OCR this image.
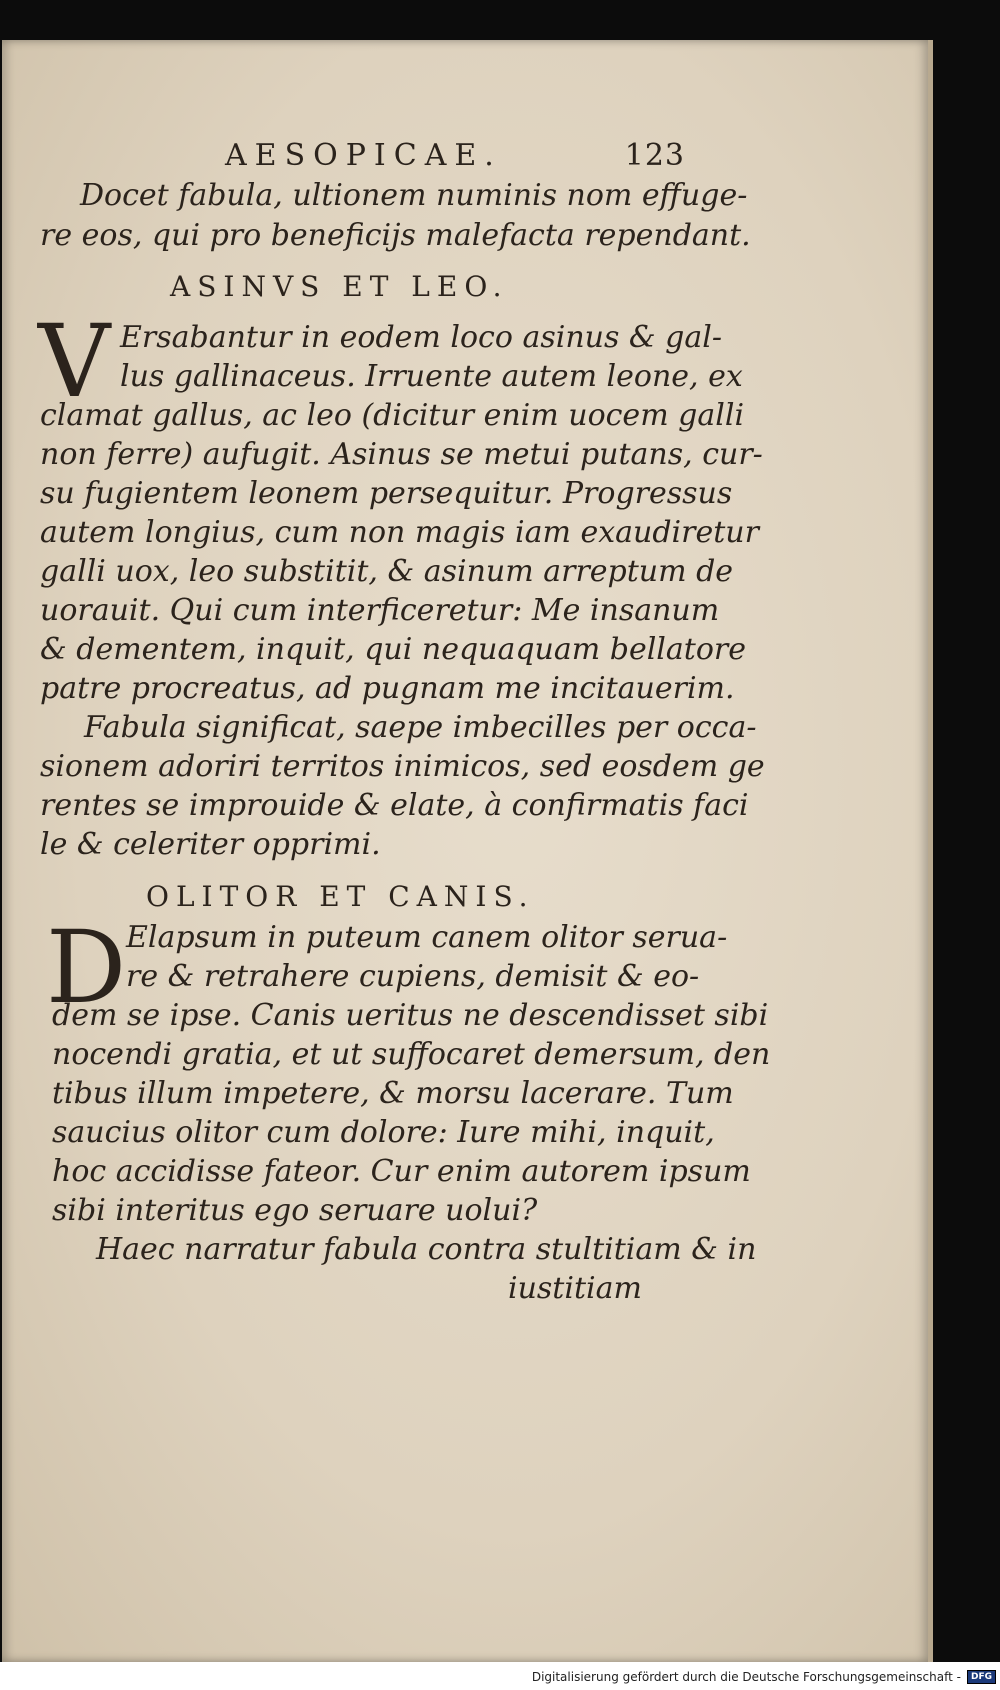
AESOPICAE.	123
Docet fabula, ultionem numinis nom effuge-
re eos, qui pro beneficijs malefacta rependant.
ASINVS ET LEO.
V Ersabantur in eodem loco asinus & gal-
lus gallinaceus. Irruente autem leone, ex
clamat gallus, ac leo (dicitur enim uocem galli
non ferre) aufugit. Asinus se metui putans, cur-
su fugientem leonem persequitur. Progressus
autem longius, cum non magis iam exaudiretur
galli uox, leo substitit, & asinum arreptum de
uorauit. Qui cum interficeretur: Me insanum
& dementem, inquit, qui nequaquam bellatore
patre procreatus, ad pugnam me incitauerim.
Fabula significat, saepe imbecilles per occa-
sionem adoriri territos inimicos, sed eosdem ge
rentes se improuide & elate, à confirmatis faci
le & celeriter opprimi.
OLITOR ET CANIS.
D Elapsum in puteum canem olitor serua-
re & retrahere cupiens, demisit & eo-
dem se ipse. Canis ueritus ne descendisset sibi
nocendi gratia, et ut suffocaret demersum, den
tibus illum impetere, & morsu lacerare. Tum
saucius olitor cum dolore: Iure mihi, inquit,
hoc accidisse fateor. Cur enim autorem ipsum
sibi interitus ego seruare uolui?
Haec narratur fabula contra stultitiam & in
iustitiam
Digitalisierung gefördert durch die Deutsche Forschungsgemeinschaft -	DFG
